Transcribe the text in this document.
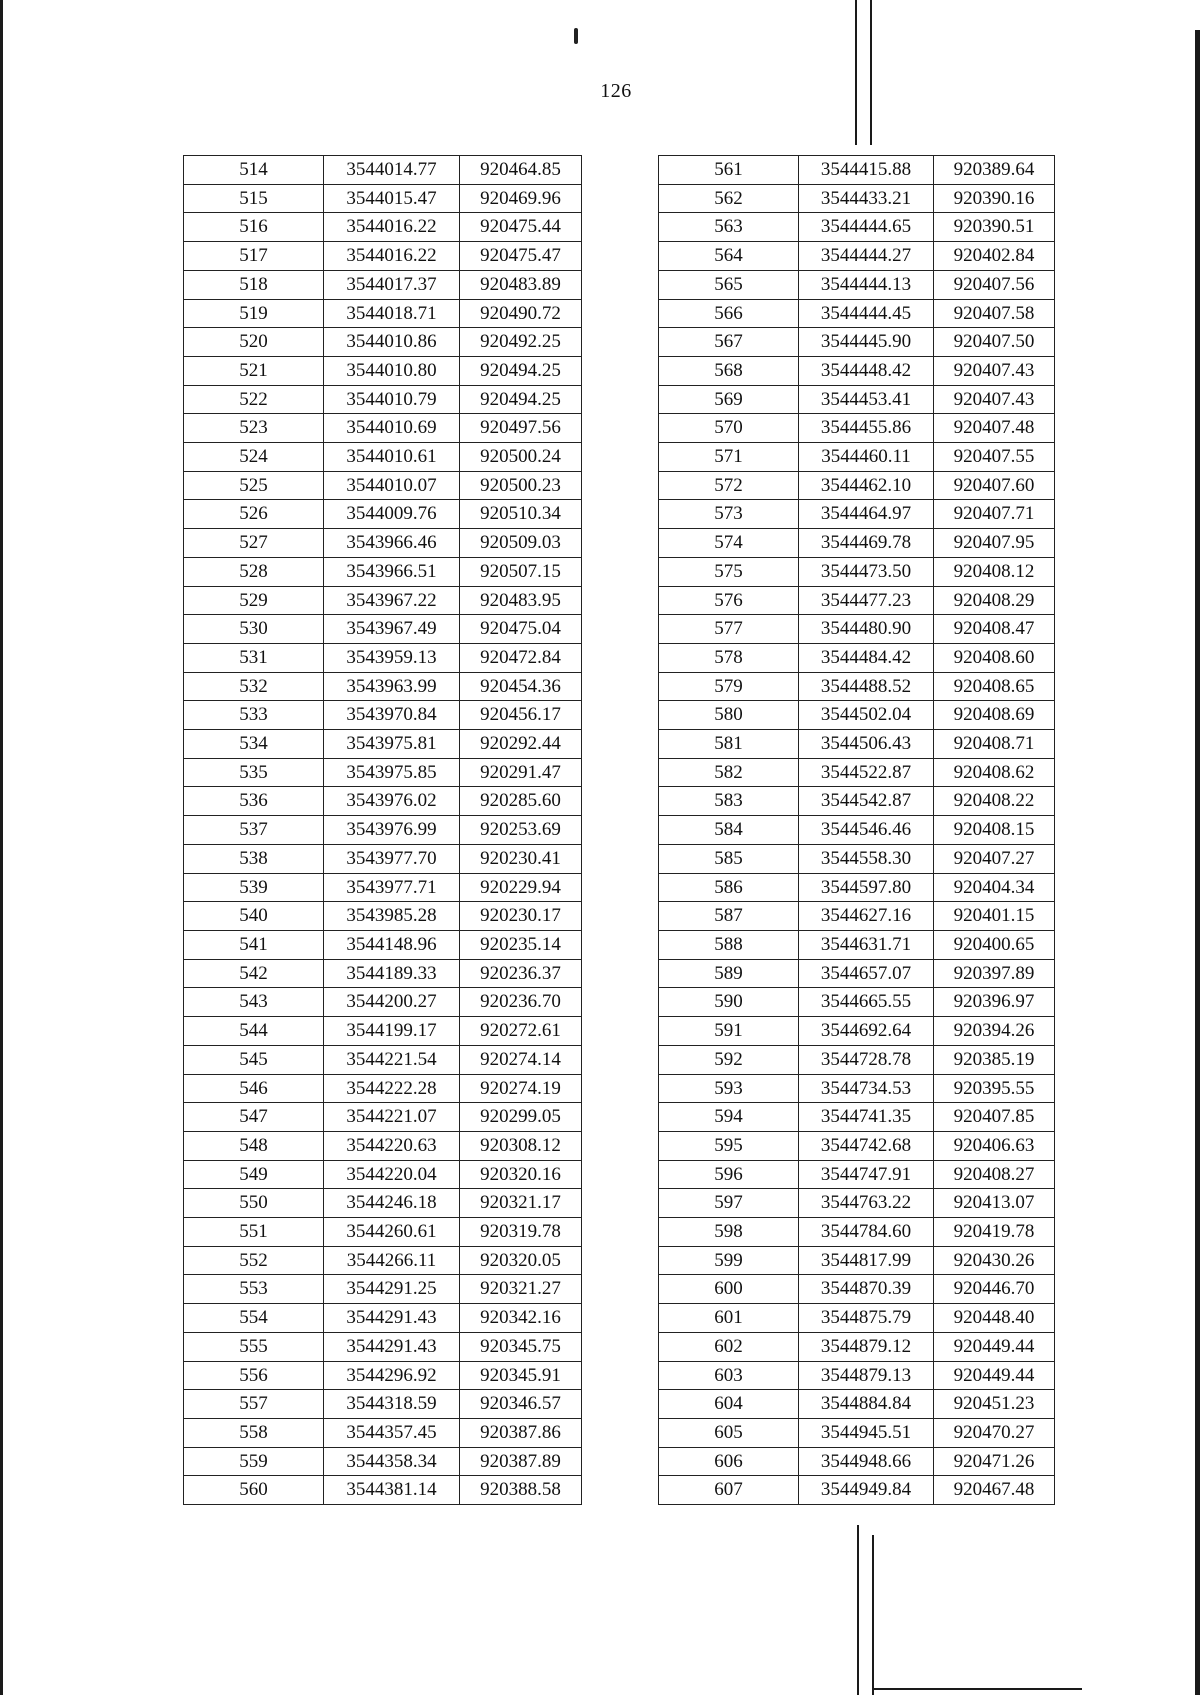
126
514	3544014.77	920464.85
515	3544015.47	920469.96
516	3544016.22	920475.44
517	3544016.22	920475.47
518	3544017.37	920483.89
519	3544018.71	920490.72
520	3544010.86	920492.25
521	3544010.80	920494.25
522	3544010.79	920494.25
523	3544010.69	920497.56
524	3544010.61	920500.24
525	3544010.07	920500.23
526	3544009.76	920510.34
527	3543966.46	920509.03
528	3543966.51	920507.15
529	3543967.22	920483.95
530	3543967.49	920475.04
531	3543959.13	920472.84
532	3543963.99	920454.36
533	3543970.84	920456.17
534	3543975.81	920292.44
535	3543975.85	920291.47
536	3543976.02	920285.60
537	3543976.99	920253.69
538	3543977.70	920230.41
539	3543977.71	920229.94
540	3543985.28	920230.17
541	3544148.96	920235.14
542	3544189.33	920236.37
543	3544200.27	920236.70
544	3544199.17	920272.61
545	3544221.54	920274.14
546	3544222.28	920274.19
547	3544221.07	920299.05
548	3544220.63	920308.12
549	3544220.04	920320.16
550	3544246.18	920321.17
551	3544260.61	920319.78
552	3544266.11	920320.05
553	3544291.25	920321.27
554	3544291.43	920342.16
555	3544291.43	920345.75
556	3544296.92	920345.91
557	3544318.59	920346.57
558	3544357.45	920387.86
559	3544358.34	920387.89
560	3544381.14	920388.58
561	3544415.88	920389.64
562	3544433.21	920390.16
563	3544444.65	920390.51
564	3544444.27	920402.84
565	3544444.13	920407.56
566	3544444.45	920407.58
567	3544445.90	920407.50
568	3544448.42	920407.43
569	3544453.41	920407.43
570	3544455.86	920407.48
571	3544460.11	920407.55
572	3544462.10	920407.60
573	3544464.97	920407.71
574	3544469.78	920407.95
575	3544473.50	920408.12
576	3544477.23	920408.29
577	3544480.90	920408.47
578	3544484.42	920408.60
579	3544488.52	920408.65
580	3544502.04	920408.69
581	3544506.43	920408.71
582	3544522.87	920408.62
583	3544542.87	920408.22
584	3544546.46	920408.15
585	3544558.30	920407.27
586	3544597.80	920404.34
587	3544627.16	920401.15
588	3544631.71	920400.65
589	3544657.07	920397.89
590	3544665.55	920396.97
591	3544692.64	920394.26
592	3544728.78	920385.19
593	3544734.53	920395.55
594	3544741.35	920407.85
595	3544742.68	920406.63
596	3544747.91	920408.27
597	3544763.22	920413.07
598	3544784.60	920419.78
599	3544817.99	920430.26
600	3544870.39	920446.70
601	3544875.79	920448.40
602	3544879.12	920449.44
603	3544879.13	920449.44
604	3544884.84	920451.23
605	3544945.51	920470.27
606	3544948.66	920471.26
607	3544949.84	920467.48
